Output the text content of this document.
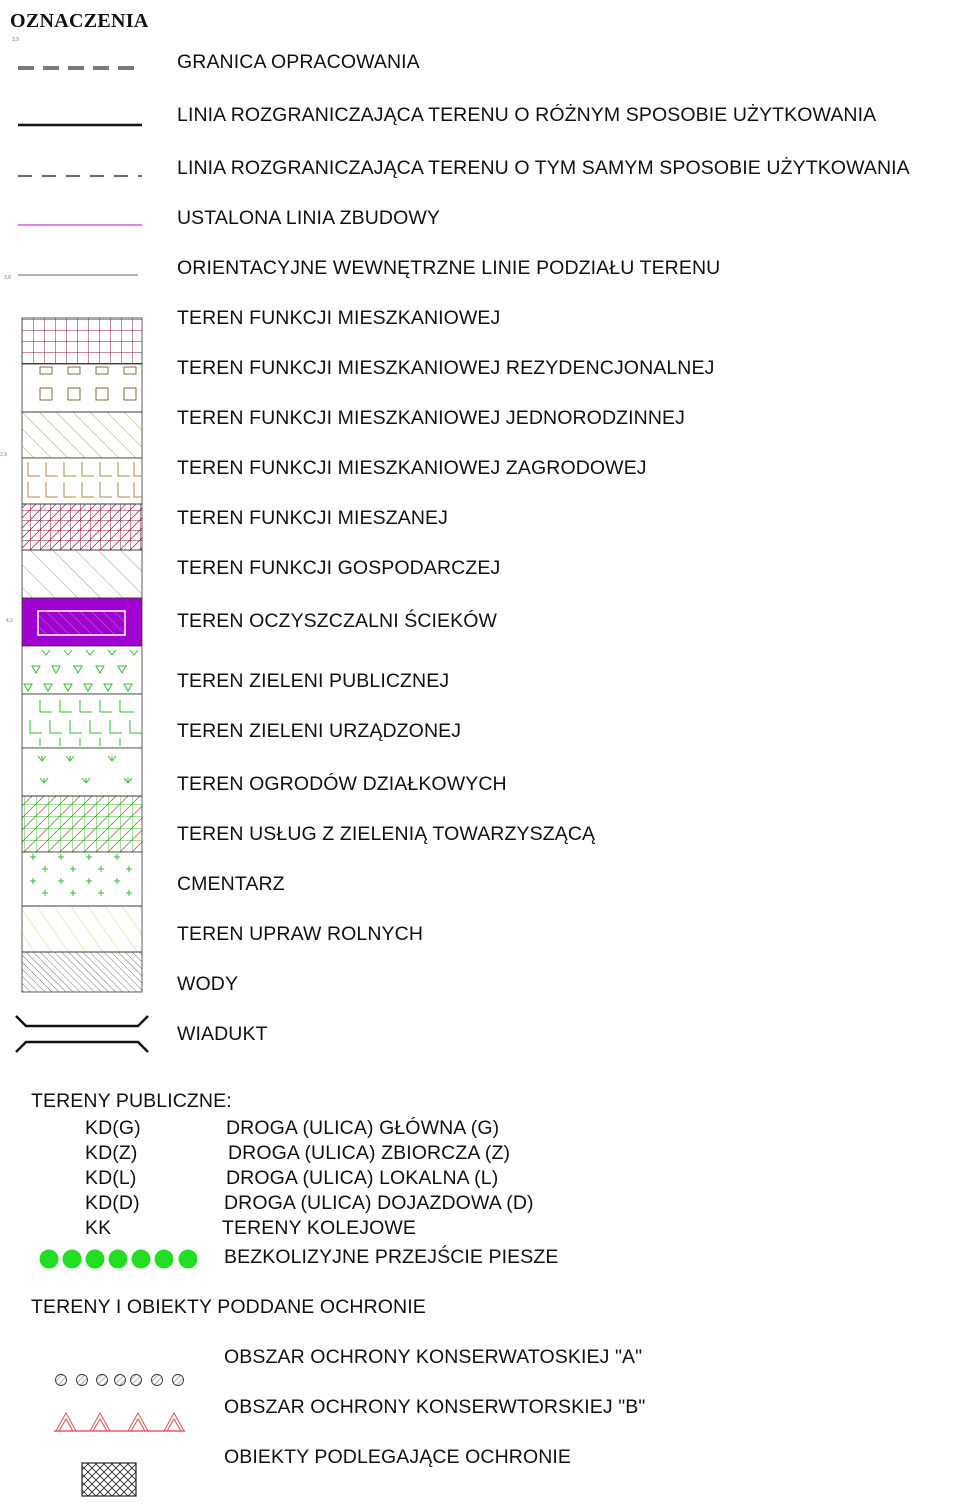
OZNACZENIA
3,9
3,8
3,9
4,2
GRANICA OPRACOWANIA
LINIA ROZGRANICZAJĄCA TERENU O RÓŻNYM SPOSOBIE UŻYTKOWANIA
LINIA ROZGRANICZAJĄCA TERENU O TYM SAMYM SPOSOBIE UŻYTKOWANIA
USTALONA LINIA ZBUDOWY
ORIENTACYJNE WEWNĘTRZNE LINIE PODZIAŁU TERENU
TEREN FUNKCJI MIESZKANIOWEJ
TEREN FUNKCJI MIESZKANIOWEJ REZYDENCJONALNEJ
TEREN FUNKCJI MIESZKANIOWEJ JEDNORODZINNEJ
TEREN FUNKCJI MIESZKANIOWEJ ZAGRODOWEJ
TEREN FUNKCJI MIESZANEJ
TEREN FUNKCJI GOSPODARCZEJ
TEREN OCZYSZCZALNI ŚCIEKÓW
TEREN ZIELENI PUBLICZNEJ
TEREN ZIELENI URZĄDZONEJ
TEREN OGRODÓW DZIAŁKOWYCH
TEREN USŁUG Z ZIELENIĄ TOWARZYSZĄCĄ
CMENTARZ
TEREN UPRAW ROLNYCH
WODY
WIADUKT
TERENY PUBLICZNE:
KD(G)	DROGA (ULICA) GŁÓWNA (G)
KD(Z)	DROGA (ULICA) ZBIORCZA (Z)
KD(L)	DROGA (ULICA) LOKALNA (L)
KD(D)	DROGA (ULICA) DOJAZDOWA (D)
KK	TERENY KOLEJOWE
BEZKOLIZYJNE PRZEJŚCIE PIESZE
TERENY I OBIEKTY PODDANE OCHRONIE
OBSZAR OCHRONY KONSERWATOSKIEJ "A"
OBSZAR OCHRONY KONSERWTORSKIEJ "B"
OBIEKTY PODLEGAJĄCE OCHRONIE
